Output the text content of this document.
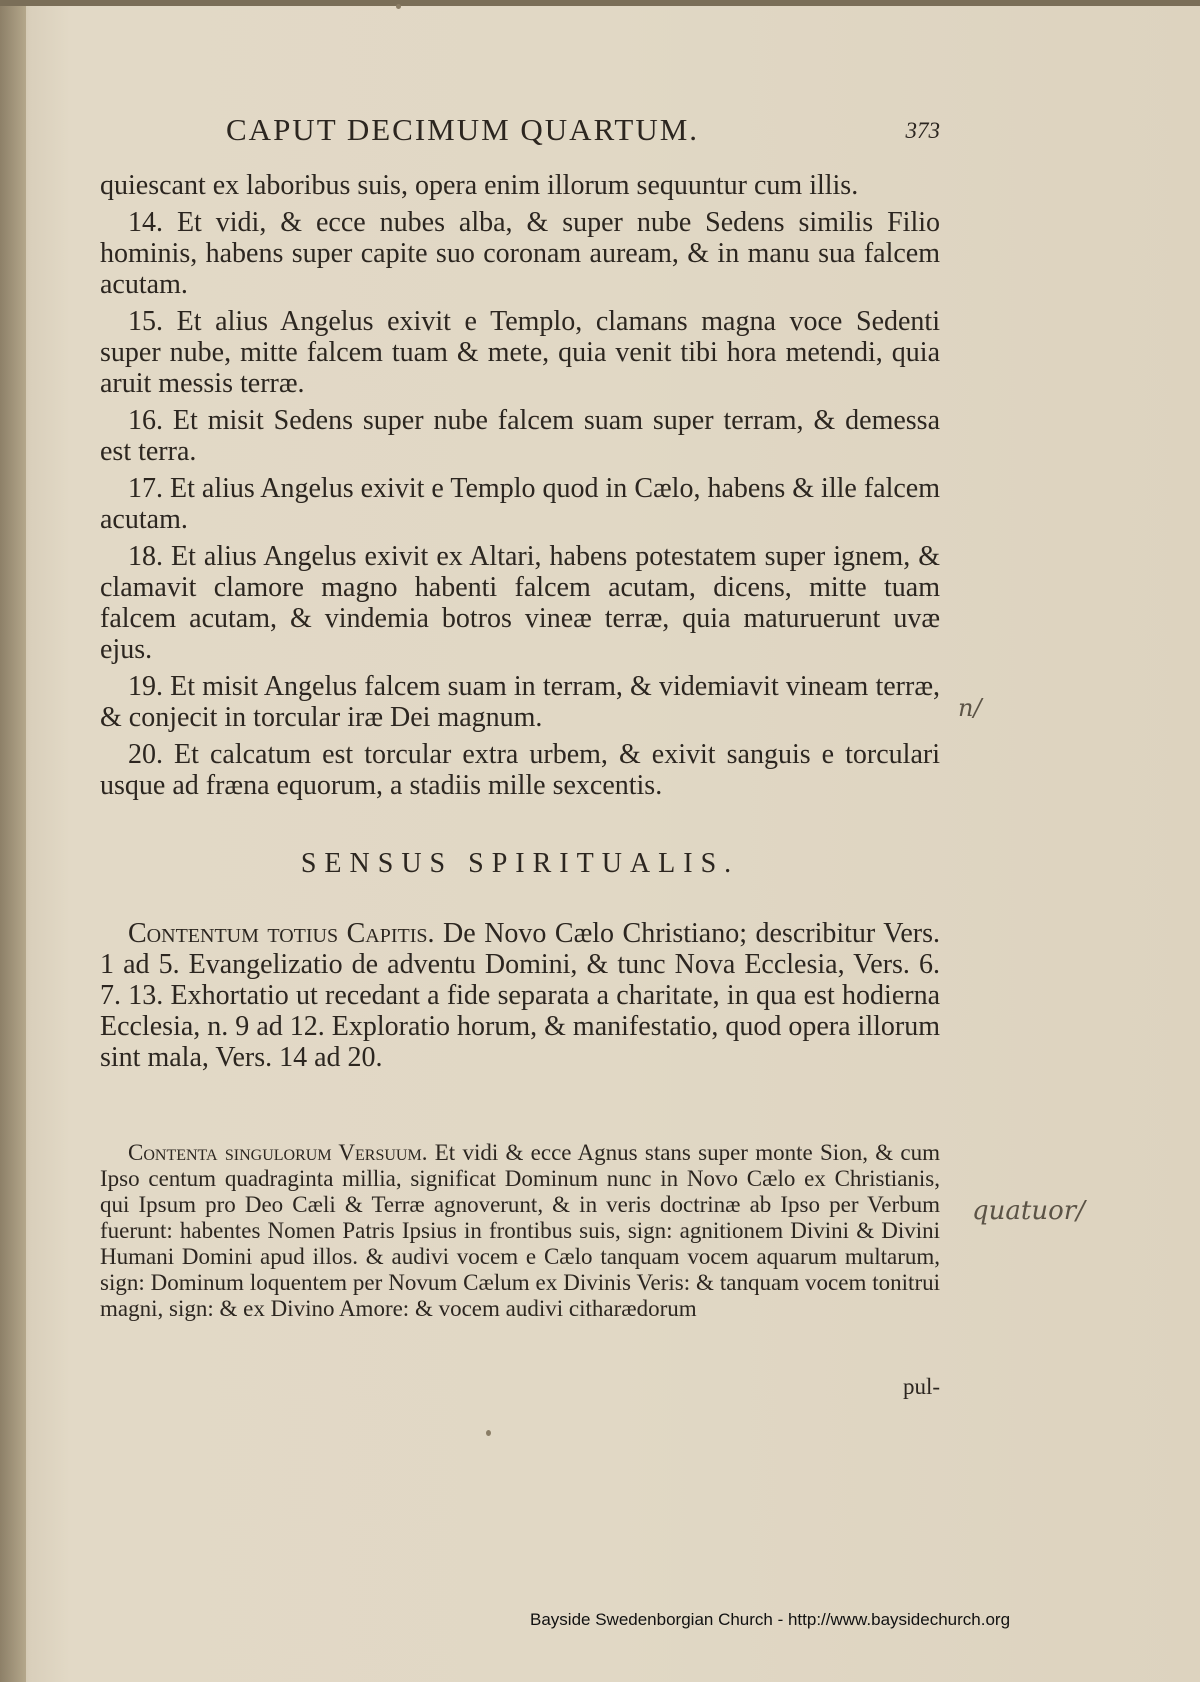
CAPUT DECIMUM QUARTUM.	373

quiescant ex laboribus suis, opera enim illorum sequuntur cum illis.

14. Et vidi, & ecce nubes alba, & super nube Sedens similis Filio hominis, habens super capite suo coronam auream, & in manu sua falcem acutam.

15. Et alius Angelus exivit e Templo, clamans magna voce Sedenti super nube, mitte falcem tuam & mete, quia venit tibi hora metendi, quia aruit messis terræ.

16. Et misit Sedens super nube falcem suam super terram, & demessa est terra.

17. Et alius Angelus exivit e Templo quod in Cælo, habens & ille falcem acutam.

18. Et alius Angelus exivit ex Altari, habens potestatem super ignem, & clamavit clamore magno habenti falcem acutam, dicens, mitte tuam falcem acutam, & vindemia botros vineæ terræ, quia maturuerunt uvæ ejus.

19. Et misit Angelus falcem suam in terram, & videmiavit vineam terræ, & conjecit in torcular iræ Dei magnum.

20. Et calcatum est torcular extra urbem, & exivit sanguis e torculari usque ad fræna equorum, a stadiis mille sexcentis.

SENSUS SPIRITUALIS.

Contentum totius Capitis. De Novo Cælo Christiano; describitur Vers. 1 ad 5. Evangelizatio de adventu Domini, & tunc Nova Ecclesia, Vers. 6. 7. 13. Exhortatio ut recedant a fide separata a charitate, in qua est hodierna Ecclesia, n. 9 ad 12. Exploratio horum, & manifestatio, quod opera illorum sint mala, Vers. 14 ad 20.

Contenta singulorum Versuum. Et vidi & ecce Agnus stans super monte Sion, & cum Ipso centum quadraginta millia, significat Dominum nunc in Novo Cælo ex Christianis, qui Ipsum pro Deo Cæli & Terræ agnoverunt, & in veris doctrinæ ab Ipso per Verbum fuerunt: habentes Nomen Patris Ipsius in frontibus suis, sign: agnitionem Divini & Divini Humani Domini apud illos. & audivi vocem e Cælo tanquam vocem aquarum multarum, sign: Dominum loquentem per Novum Cælum ex Divinis Veris: & tanquam vocem tonitrui magni, sign: & ex Divino Amore: & vocem audivi citharædorum

pul-
n/
quatuor/
Bayside Swedenborgian Church - http://www.baysidechurch.org
